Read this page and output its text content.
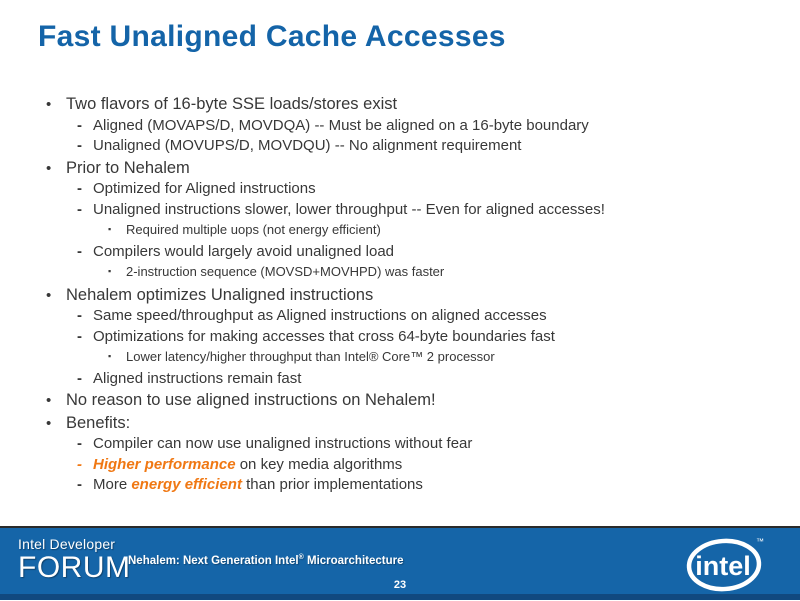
Fast Unaligned Cache Accesses
• Two flavors of 16-byte SSE loads/stores exist
- Aligned (MOVAPS/D, MOVDQA) -- Must be aligned on a 16-byte boundary
- Unaligned (MOVUPS/D, MOVDQU) -- No alignment requirement
• Prior to Nehalem
- Optimized for Aligned instructions
- Unaligned instructions slower, lower throughput -- Even for aligned accesses!
▪	Required multiple uops (not energy efficient)
- Compilers would largely avoid unaligned load
▪	2-instruction sequence (MOVSD+MOVHPD) was faster
• Nehalem optimizes Unaligned instructions
- Same speed/throughput as Aligned instructions on aligned accesses
- Optimizations for making accesses that cross 64-byte boundaries fast
▪	Lower latency/higher throughput than Intel® Core™ 2 processor
- Aligned instructions remain fast
• No reason to use aligned instructions on Nehalem!
• Benefits:
- Compiler can now use unaligned instructions without fear
- Higher performance on key media algorithms
- More energy efficient than prior implementations
Intel Developer
FORUM
Nehalem: Next Generation Intel® Microarchitecture
23
intel
™
